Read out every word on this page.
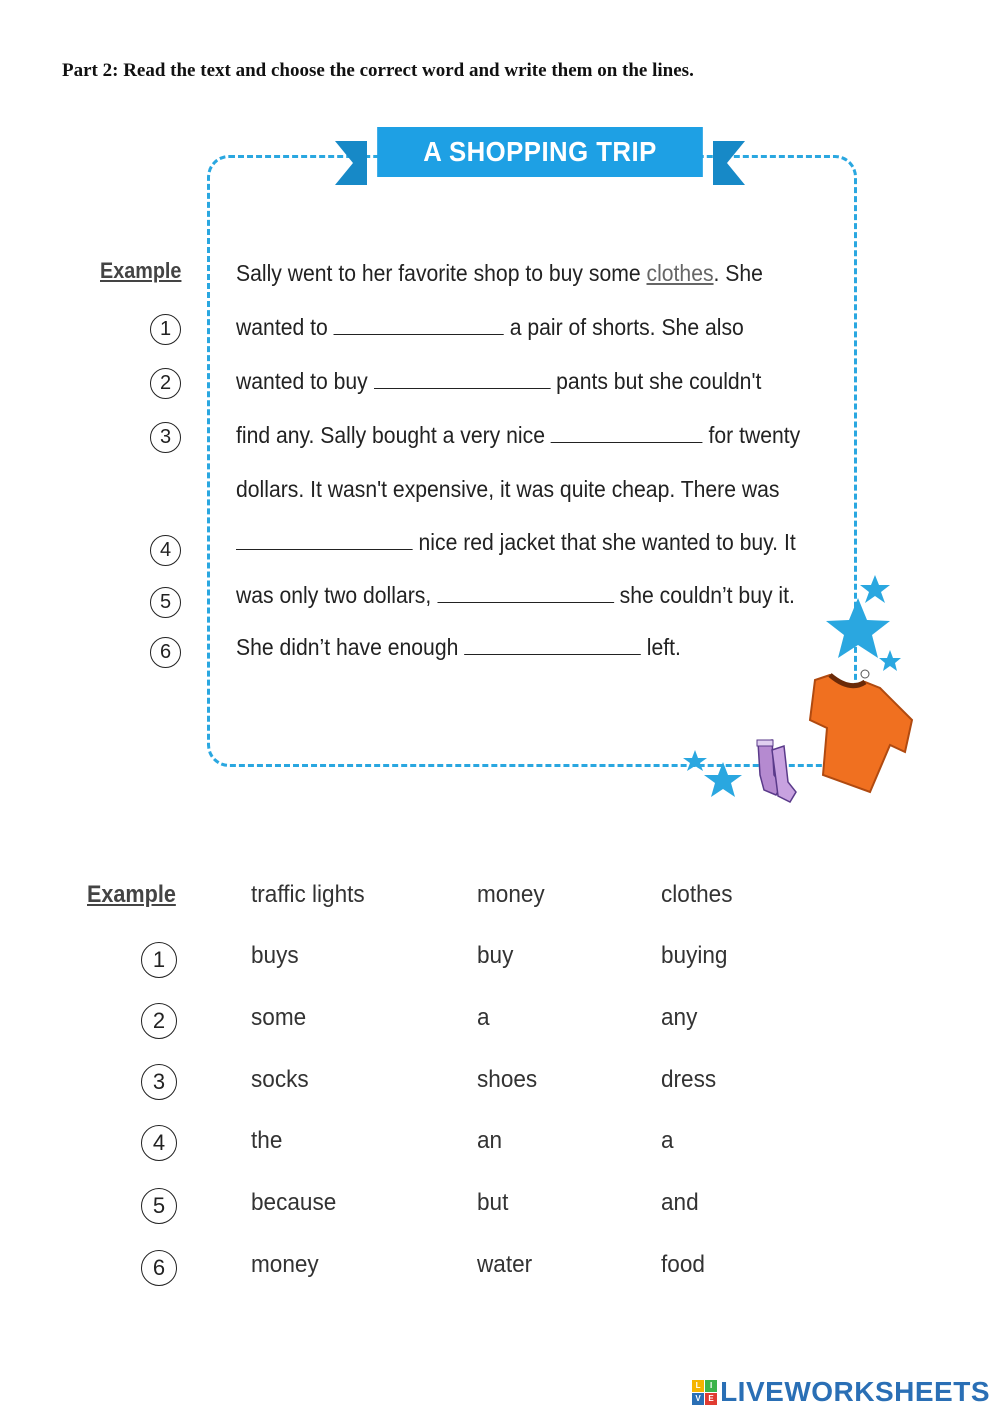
Part 2: Read the text and choose the correct word and write them on the lines.
A SHOPPING TRIP
Example
1
2
3
4
5
6
Sally went to her favorite shop to buy some clothes. She
wanted to	a pair of shorts. She also
wanted to buy	pants but she couldn't
find any. Sally bought a very nice	for twenty
dollars. It wasn't expensive, it was quite cheap. There was
nice red jacket that she wanted to buy. It
was only two dollars,	she couldn’t buy it.
She didn’t have enough	left.
Example	traffic lights	money	clothes
1	buys	buy	buying
2	some	a	any
3	socks	shoes	dress
4	the	an	a
5	because	but	and
6	money	water	food
L	I
V E LIVEWORKSHEETS
